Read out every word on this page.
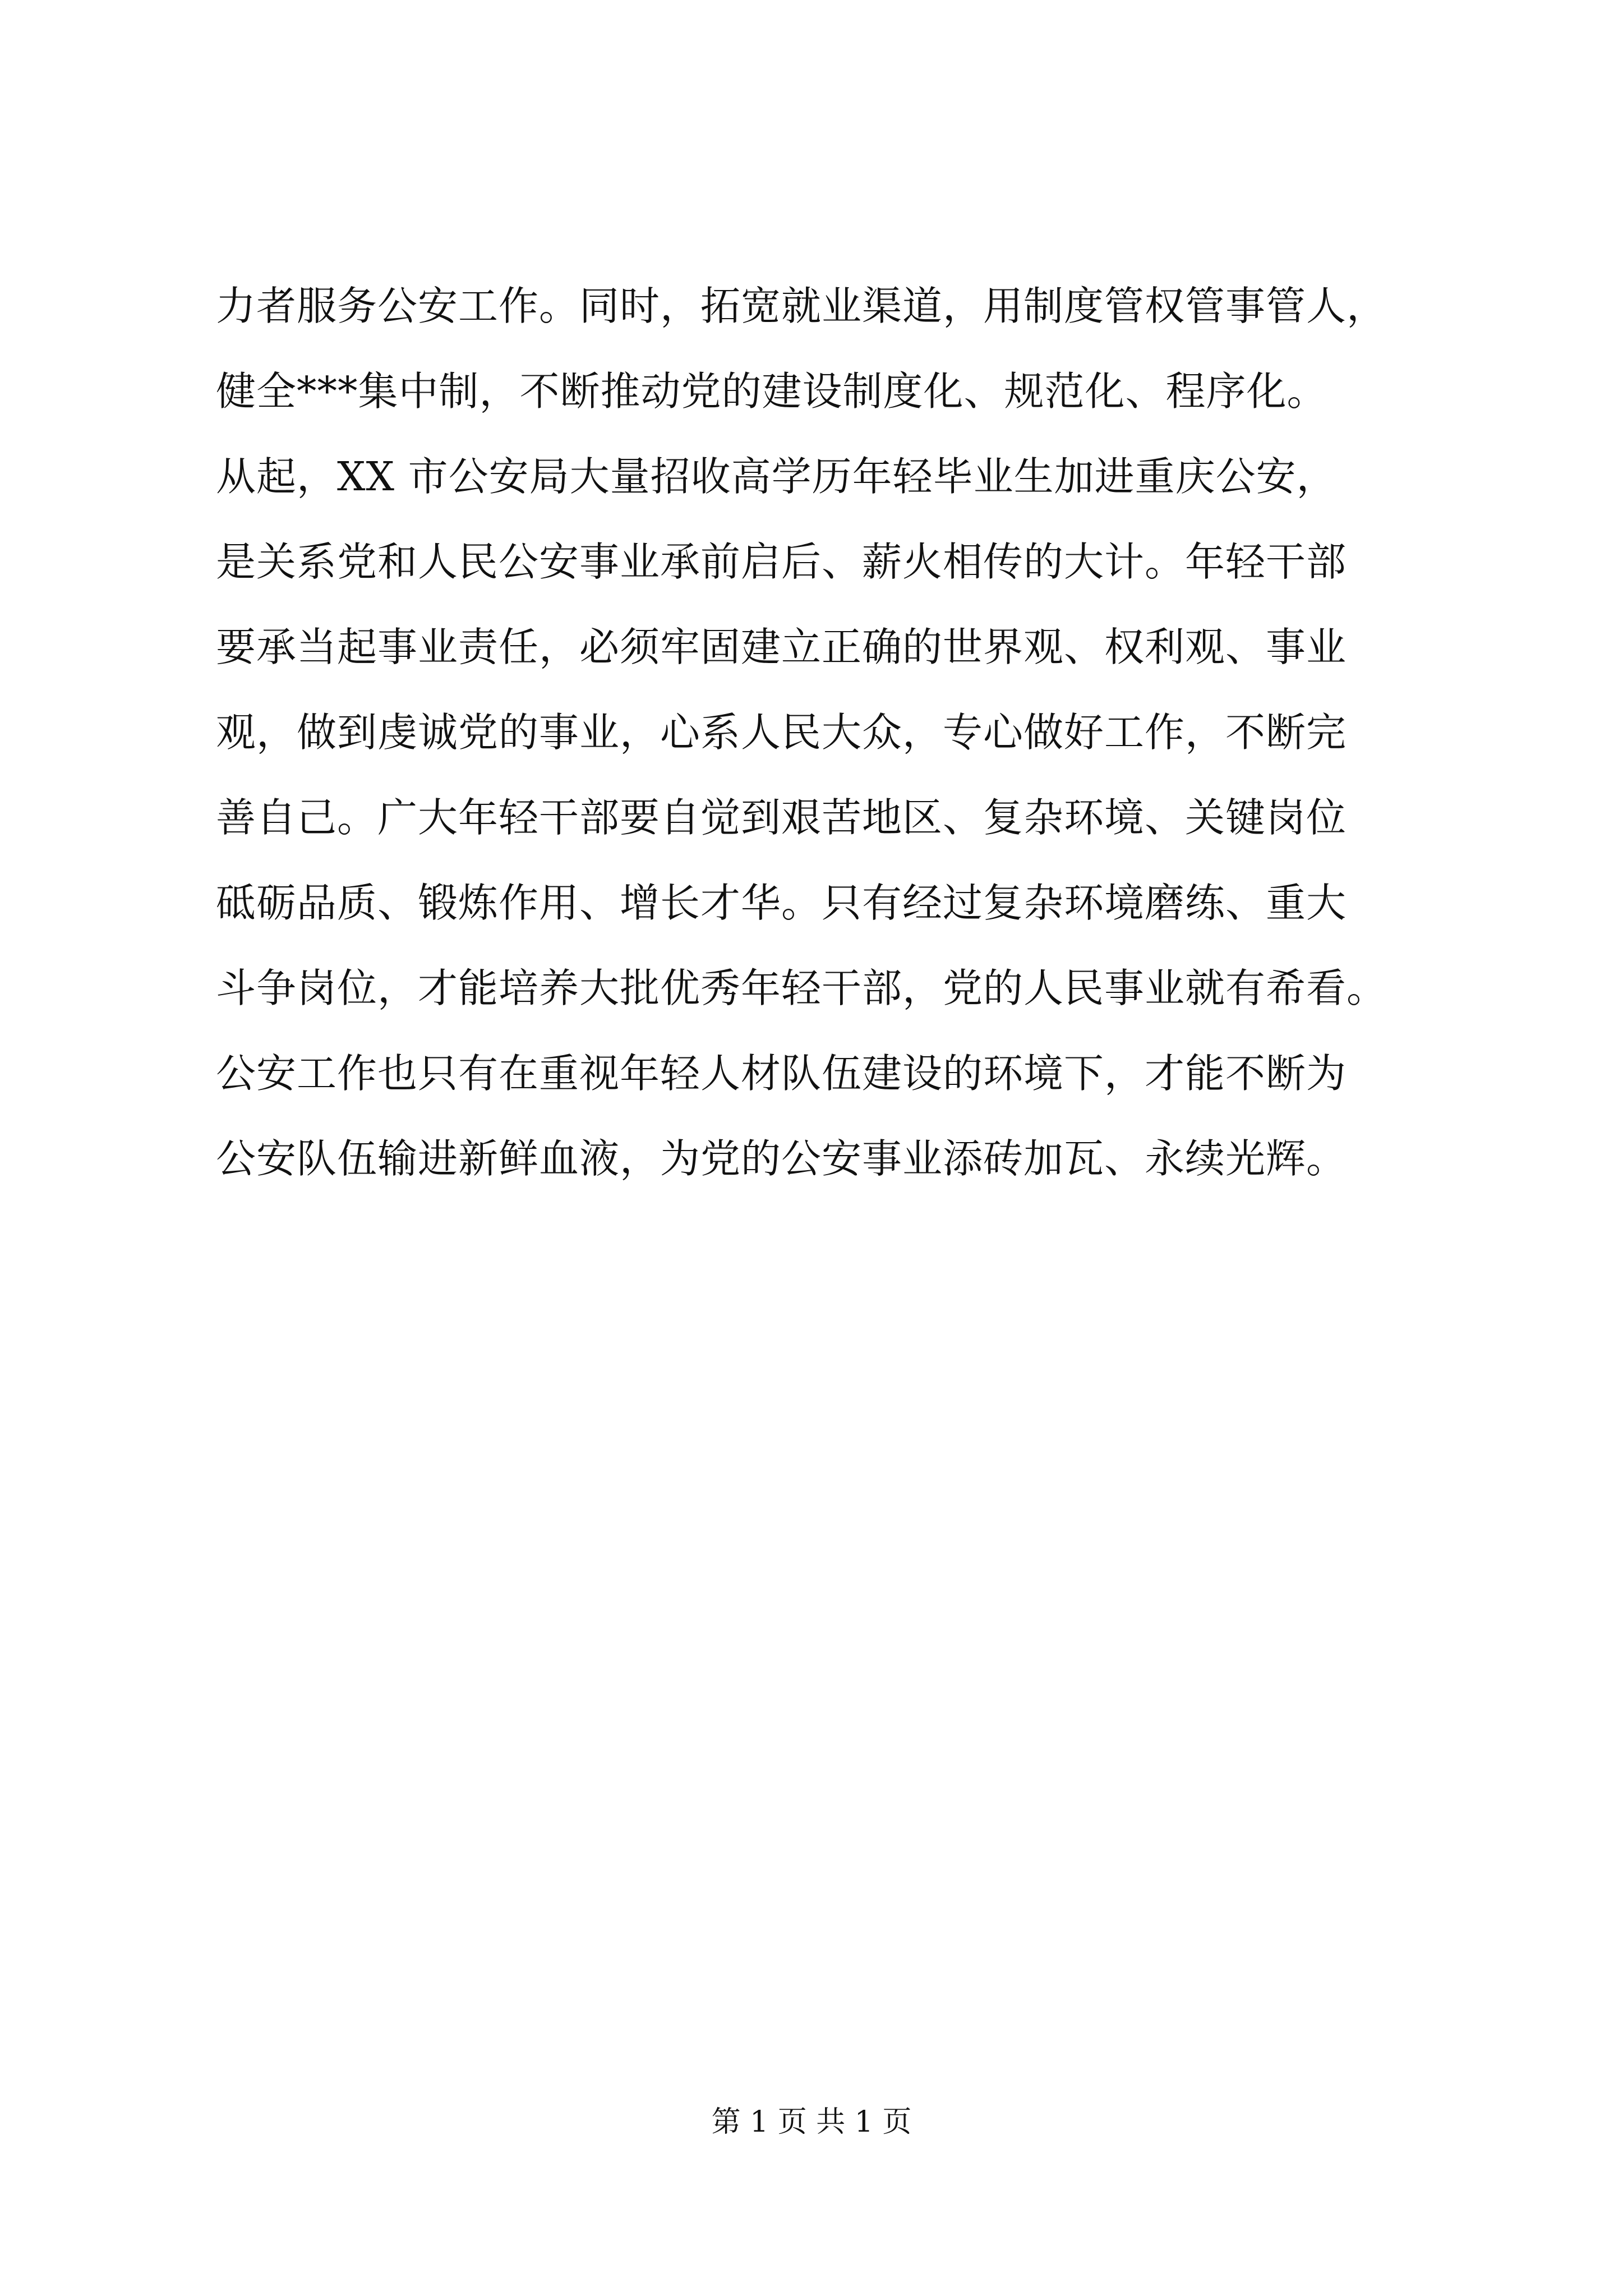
力者服务公安工作。同时，拓宽就业渠道，用制度管权管事管人，
健全***集中制，不断推动党的建设制度化、规范化、程序化。
从起，XX 市公安局大量招收高学历年轻毕业生加进重庆公安，
是关系党和人民公安事业承前启后、薪火相传的大计。年轻干部
要承当起事业责任，必须牢固建立正确的世界观、权利观、事业
观，做到虔诚党的事业，心系人民大众，专心做好工作，不断完
善自己。广大年轻干部要自觉到艰苦地区、复杂环境、关键岗位
砥砺品质、锻炼作用、增长才华。只有经过复杂环境磨练、重大
斗争岗位，才能培养大批优秀年轻干部，党的人民事业就有希看。
公安工作也只有在重视年轻人材队伍建设的环境下，才能不断为
公安队伍输进新鲜血液，为党的公安事业添砖加瓦、永续光辉。
第 1 页 共 1 页
